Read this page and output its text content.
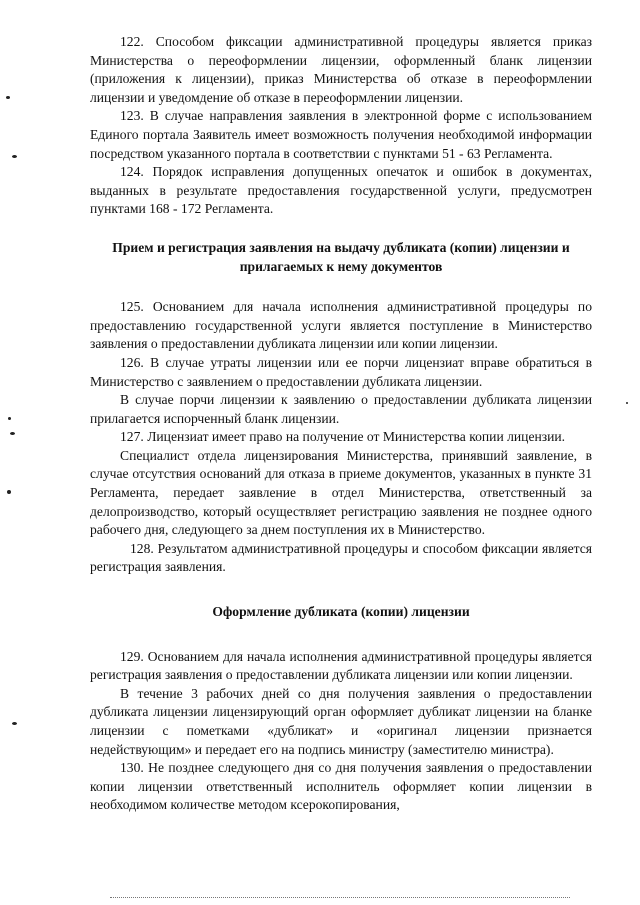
122. Способом фиксации административной процедуры является приказ Министерства о переоформлении лицензии, оформленный бланк лицензии (приложения к лицензии), приказ Министерства об отказе в переоформлении лицензии и уведомдение об отказе в переоформлении лицензии.

123. В случае направления заявления в электронной форме с использованием Единого портала Заявитель имеет возможность получения необходимой информации посредством указанного портала в соответствии с пунктами 51 - 63 Регламента.

124. Порядок исправления допущенных опечаток и ошибок в документах, выданных в результате предоставления государственной услуги, предусмотрен пунктами 168 - 172 Регламента.

Прием и регистрация заявления на выдачу дубликата (копии) лицензии и прилагаемых к нему документов

125. Основанием для начала исполнения административной процедуры по предоставлению государственной услуги является поступление в Министерство заявления о предоставлении дубликата лицензии или копии лицензии.

126. В случае утраты лицензии или ее порчи лицензиат вправе обратиться в Министерство с заявлением о предоставлении дубликата лицензии.

В случае порчи лицензии к заявлению о предоставлении дубликата лицензии прилагается испорченный бланк лицензии.

127. Лицензиат имеет право на получение от Министерства копии лицензии.

Специалист отдела лицензирования Министерства, принявший заявление, в случае отсутствия оснований для отказа в приеме документов, указанных в пункте 31 Регламента, передает заявление в отдел Министерства, ответственный за делопроизводство, который осуществляет регистрацию заявления не позднее одного рабочего дня, следующего за днем поступления их в Министерство.

128. Результатом административной процедуры и способом фиксации является регистрация заявления.

Оформление дубликата (копии) лицензии

129. Основанием для начала исполнения административной процедуры является регистрация заявления о предоставлении дубликата лицензии или копии лицензии.

В течение 3 рабочих дней со дня получения заявления о предоставлении дубликата лицензии лицензирующий орган оформляет дубликат лицензии на бланке лицензии с пометками «дубликат» и «оригинал лицензии признается недействующим» и передает его на подпись министру (заместителю министра).

130. Не позднее следующего дня со дня получения заявления о предоставлении копии лицензии ответственный исполнитель оформляет копии лицензии в необходимом количестве методом ксерокопирования,
